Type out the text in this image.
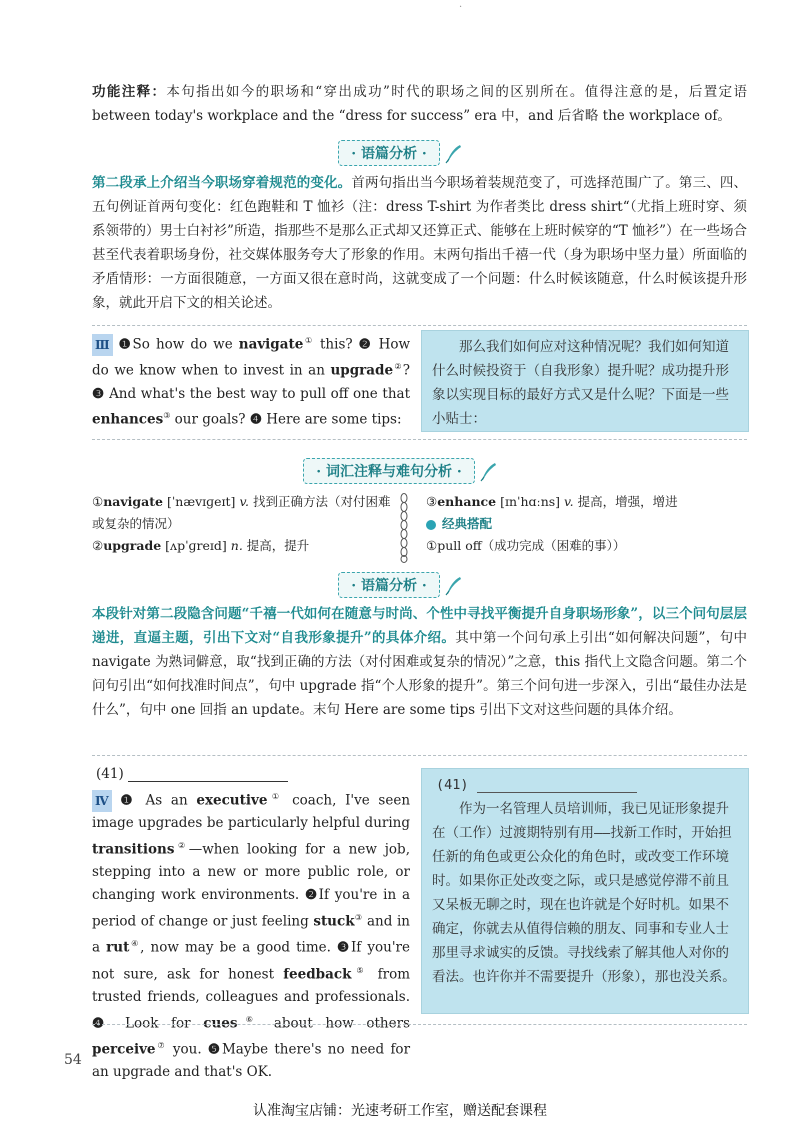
·
功能注释：本句指出如今的职场和“穿出成功”时代的职场之间的区别所在。值得注意的是，后置定语 between today's workplace and the “dress for success” era 中，and 后省略 the workplace of。
· 语篇分析 ·
第二段承上介绍当今职场穿着规范的变化。首两句指出当今职场着装规范变了，可选择范围广了。第三、四、五句例证首两句变化：红色跑鞋和 T 恤衫（注：dress T-shirt 为作者类比 dress shirt“（尤指上班时穿、须系领带的）男士白衬衫”所造，指那些不是那么正式却又还算正式、能够在上班时候穿的“T 恤衫”）在一些场合甚至代表着职场身份，社交媒体服务夸大了形象的作用。末两句指出千禧一代（身为职场中坚力量）所面临的矛盾情形：一方面很随意，一方面又很在意时尚，这就变成了一个问题：什么时候该随意，什么时候该提升形象，就此开启下文的相关论述。
Ⅲ ❶So how do we navigate① this? ❷ How do we know when to invest in an upgrade②? ❸ And what's the best way to pull off one that enhances③ our goals? ❹ Here are some tips:
那么我们如何应对这种情况呢？我们如何知道什么时候投资于（自我形象）提升呢？成功提升形象以实现目标的最好方式又是什么呢？下面是一些小贴士：
· 词汇注释与难句分析 ·
①navigate [ˈnævɪɡeɪt] v. 找到正确方法（对付困难或复杂的情况）
②upgrade [ʌpˈɡreɪd] n. 提高，提升
③enhance [ɪnˈhɑːns] v. 提高，增强，增进
经典搭配
①pull off（成功完成（困难的事））
· 语篇分析 ·
本段针对第二段隐含问题“千禧一代如何在随意与时尚、个性中寻找平衡提升自身职场形象”，以三个问句层层递进，直逼主题，引出下文对“自我形象提升”的具体介绍。其中第一个问句承上引出“如何解决问题”，句中 navigate 为熟词僻意，取“找到正确的方法（对付困难或复杂的情况）”之意，this 指代上文隐含问题。第二个问句引出“如何找准时间点”，句中 upgrade 指“个人形象的提升”。第三个问句进一步深入，引出“最佳办法是什么”，句中 one 回指 an update。末句 Here are some tips 引出下文对这些问题的具体介绍。
(41)
Ⅳ ❶ As an executive① coach, I've seen image upgrades be particularly helpful during transitions②—when looking for a new job, stepping into a new or more public role, or changing work environments. ❷If you're in a period of change or just feeling stuck③ and in a rut④, now may be a good time. ❸If you're not sure, ask for honest feedback⑤ from trusted friends, colleagues and professionals. ❹ Look for cues⑥ about how others perceive⑦ you. ❺Maybe there's no need for an upgrade and that's OK.
(41)
作为一名管理人员培训师，我已见证形象提升在（工作）过渡期特别有用——找新工作时，开始担任新的角色或更公众化的角色时，或改变工作环境时。如果你正处改变之际，或只是感觉停滞不前且又呆板无聊之时，现在也许就是个好时机。如果不确定，你就去从值得信赖的朋友、同事和专业人士那里寻求诚实的反馈。寻找线索了解其他人对你的看法。也许你并不需要提升（形象），那也没关系。
54
认准淘宝店铺：光速考研工作室，赠送配套课程
